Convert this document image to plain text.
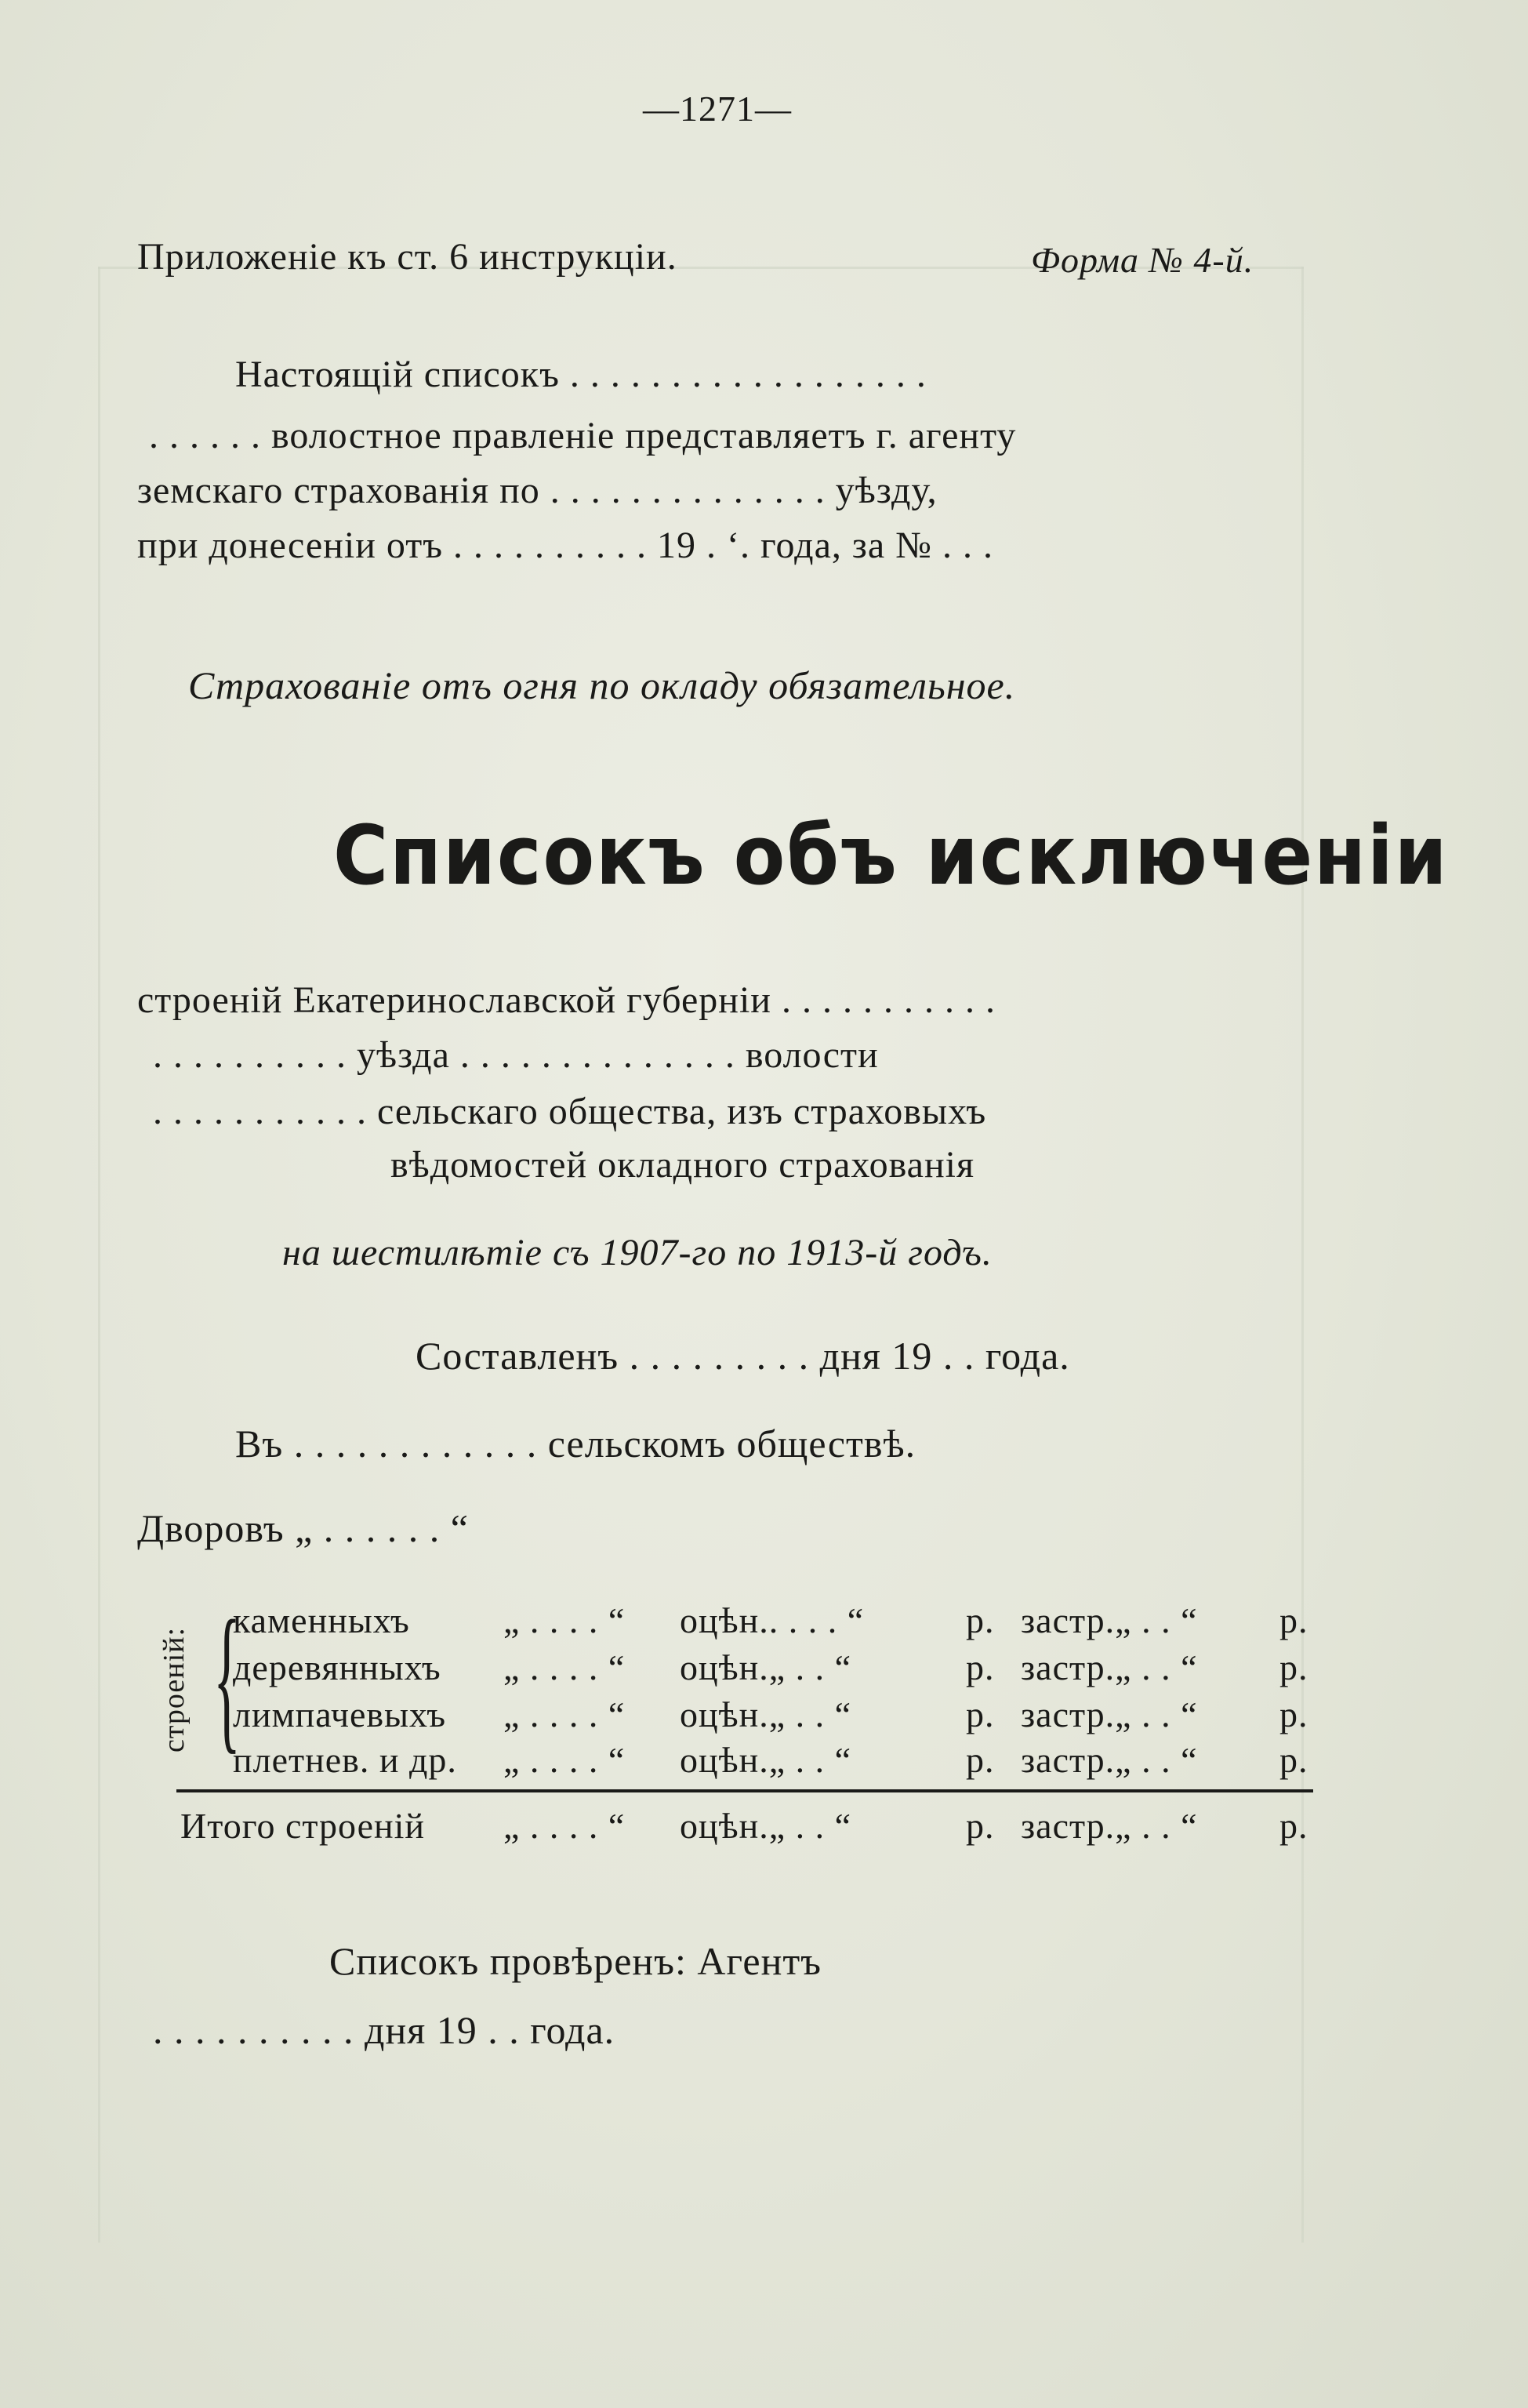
—1271—
Приложеніе къ ст. 6 инструкціи.	Форма № 4-й.
Настоящій списокъ . . . . . . . . . . . . . . . . . .
. . . . . . волостное правленіе представляетъ г. агенту
земскаго страхованія по . . . . . . . . . . . . . . уѣзду,
при донесеніи отъ . . . . . . . . . . 19 . ʻ. года, за № . . .
Страхованіе отъ огня по окладу обязательное.
Списокъ объ исключеніи
строеній Екатеринославской губерніи . . . . . . . . . . .
. . . . . . . . . . уѣзда . . . . . . . . . . . . . . волости
. . . . . . . . . . . сельскаго общества, изъ страховыхъ
вѣдомостей окладного страхованія
на шестилѣтіе съ 1907-го по 1913-й годъ.
Составленъ . . . . . . . . . дня 19 . . года.
Въ . . . . . . . . . . . . сельскомъ обществѣ.
Дворовъ „ . . . . . . “
строеній: {
каменныхъ	„ . . . . “ оцѣн.. . . . “	р. застр.„ . . “ р.
деревянныхъ „ . . . . “ оцѣн.„ . . “	р. застр.„ . . “ р.
лимпачевыхъ „ . . . . “ оцѣн.„ . . “	р. застр.„ . . “ р.
плетнев. и др. „ . . . . “ оцѣн.„ . . “	р. застр.„ . . “ р.
Итого строеній „ . . . . “ оцѣн.„ . . “	р. застр.„ . . “ р.
Списокъ провѣренъ: Агентъ
. . . . . . . . . . дня 19 . . года.
